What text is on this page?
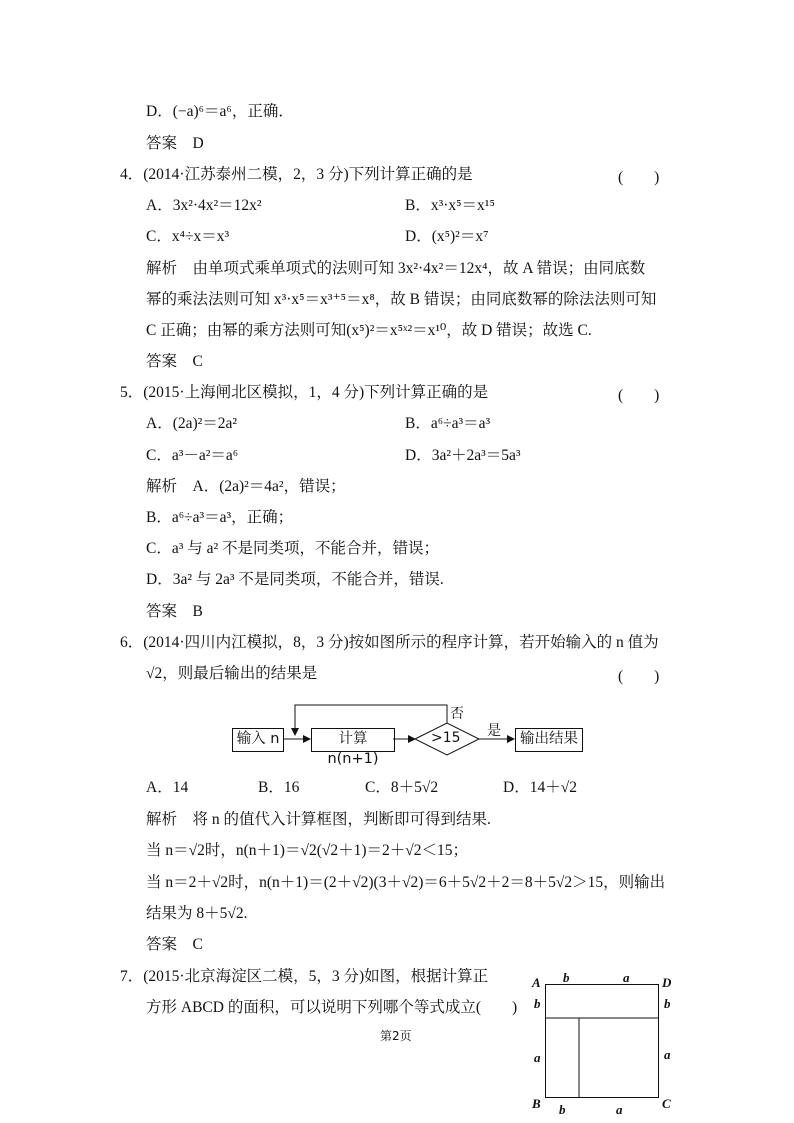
D．(−a)⁶＝a⁶，正确．
答案　D
4．(2014·江苏泰州二模，2，3 分)下列计算正确的是	(　　)
A．3x²·4x²＝12x²	B．x³·x⁵＝x¹⁵
C．x⁴÷x＝x³	D．(x⁵)²＝x⁷
解析　由单项式乘单项式的法则可知 3x²·4x²＝12x⁴，故 A 错误；由同底数
幂的乘法法则可知 x³·x⁵＝x³⁺⁵＝x⁸，故 B 错误；由同底数幂的除法法则可知
C 正确；由幂的乘方法则可知(x⁵)²＝x⁵ˣ²＝x¹⁰，故 D 错误；故选 C.
答案　C
5．(2015·上海闸北区模拟，1，4 分)下列计算正确的是	(　　)
A．(2a)²＝2a²	B．a⁶÷a³＝a³
C．a³－a²＝a⁶	D．3a²＋2a³＝5a³
解析　A．(2a)²＝4a²，错误；
B．a⁶÷a³＝a³，正确；
C．a³ 与 a² 不是同类项，不能合并，错误；
D．3a² 与 2a³ 不是同类项，不能合并，错误.
答案　B
6．(2014·四川内江模拟，8，3 分)按如图所示的程序计算，若开始输入的 n 值为
√2，则最后输出的结果是	(　　)
输入 n	计算 n(n+1)
>15	输出结果
否
是
A．14	B．16	C．8＋5√2	D．14＋√2
解析　将 n 的值代入计算框图，判断即可得到结果.
当 n＝√2时，n(n＋1)＝√2(√2＋1)＝2＋√2＜15；
当 n＝2＋√2时，n(n＋1)＝(2＋√2)(3＋√2)＝6＋5√2＋2＝8＋5√2＞15，则输出
结果为 8＋5√2.
答案　C
7．(2015·北京海淀区二模，5，3 分)如图，根据计算正
方形 ABCD 的面积，可以说明下列哪个等式成立(　　)
A	D
B	C
b	a
b
a
b
a
b	a
第2页
